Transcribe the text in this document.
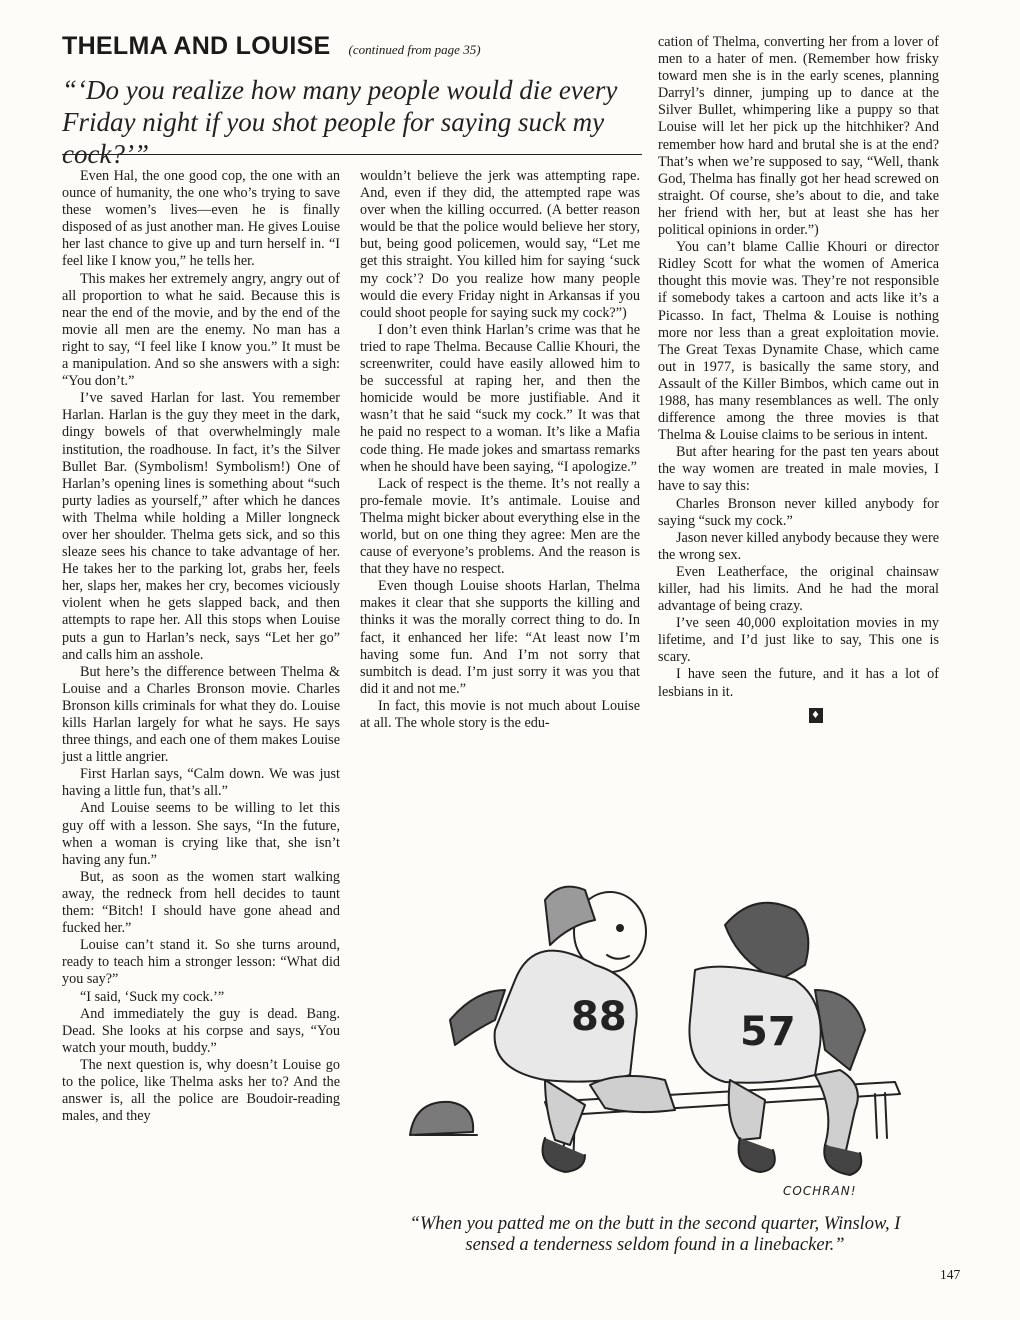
THELMA AND LOUISE (continued from page 35)
“‘Do you realize how many people would die every Friday night if you shot people for saying suck my cock?’”

Even Hal, the one good cop, the one with an ounce of humanity, the one who’s trying to save these women’s lives—even he is finally disposed of as just another man. He gives Louise her last chance to give up and turn herself in. “I feel like I know you,” he tells her.

This makes her extremely angry, angry out of all proportion to what he said. Because this is near the end of the movie, and by the end of the movie all men are the enemy. No man has a right to say, “I feel like I know you.” It must be a manipulation. And so she answers with a sigh: “You don’t.”

I’ve saved Harlan for last. You remember Harlan. Harlan is the guy they meet in the dark, dingy bowels of that overwhelmingly male institution, the roadhouse. In fact, it’s the Silver Bullet Bar. (Symbolism! Symbolism!) One of Harlan’s opening lines is something about “such purty ladies as yourself,” after which he dances with Thelma while holding a Miller longneck over her shoulder. Thelma gets sick, and so this sleaze sees his chance to take advantage of her. He takes her to the parking lot, grabs her, feels her, slaps her, makes her cry, becomes viciously violent when he gets slapped back, and then attempts to rape her. All this stops when Louise puts a gun to Harlan’s neck, says “Let her go” and calls him an asshole.

But here’s the difference between Thelma & Louise and a Charles Bronson movie. Charles Bronson kills criminals for what they do. Louise kills Harlan largely for what he says. He says three things, and each one of them makes Louise just a little angrier.

First Harlan says, “Calm down. We was just having a little fun, that’s all.”

And Louise seems to be willing to let this guy off with a lesson. She says, “In the future, when a woman is crying like that, she isn’t having any fun.”

But, as soon as the women start walking away, the redneck from hell decides to taunt them: “Bitch! I should have gone ahead and fucked her.”

Louise can’t stand it. So she turns around, ready to teach him a stronger lesson: “What did you say?”

“I said, ‘Suck my cock.’”

And immediately the guy is dead. Bang. Dead. She looks at his corpse and says, “You watch your mouth, buddy.”

The next question is, why doesn’t Louise go to the police, like Thelma asks her to? And the answer is, all the police are Boudoir-reading males, and they

wouldn’t believe the jerk was attempting rape. And, even if they did, the attempted rape was over when the killing occurred. (A better reason would be that the police would believe her story, but, being good policemen, would say, “Let me get this straight. You killed him for saying ‘suck my cock’? Do you realize how many people would die every Friday night in Arkansas if you could shoot people for saying suck my cock?”)

I don’t even think Harlan’s crime was that he tried to rape Thelma. Because Callie Khouri, the screenwriter, could have easily allowed him to be successful at raping her, and then the homicide would be more justifiable. And it wasn’t that he said “suck my cock.” It was that he paid no respect to a woman. It’s like a Mafia code thing. He made jokes and smartass remarks when he should have been saying, “I apologize.”

Lack of respect is the theme. It’s not really a pro-female movie. It’s antimale. Louise and Thelma might bicker about everything else in the world, but on one thing they agree: Men are the cause of everyone’s problems. And the reason is that they have no respect.

Even though Louise shoots Harlan, Thelma makes it clear that she supports the killing and thinks it was the morally correct thing to do. In fact, it enhanced her life: “At least now I’m having some fun. And I’m not sorry that sumbitch is dead. I’m just sorry it was you that did it and not me.”

In fact, this movie is not much about Louise at all. The whole story is the edu-

cation of Thelma, converting her from a lover of men to a hater of men. (Remember how frisky toward men she is in the early scenes, planning Darryl’s dinner, jumping up to dance at the Silver Bullet, whimpering like a puppy so that Louise will let her pick up the hitchhiker? And remember how hard and brutal she is at the end? That’s when we’re supposed to say, “Well, thank God, Thelma has finally got her head screwed on straight. Of course, she’s about to die, and take her friend with her, but at least she has her political opinions in order.”)

You can’t blame Callie Khouri or director Ridley Scott for what the women of America thought this movie was. They’re not responsible if somebody takes a cartoon and acts like it’s a Picasso. In fact, Thelma & Louise is nothing more nor less than a great exploitation movie. The Great Texas Dynamite Chase, which came out in 1977, is basically the same story, and Assault of the Killer Bimbos, which came out in 1988, has many resemblances as well. The only difference among the three movies is that Thelma & Louise claims to be serious in intent.

But after hearing for the past ten years about the way women are treated in male movies, I have to say this:

Charles Bronson never killed anybody for saying “suck my cock.”

Jason never killed anybody because they were the wrong sex.

Even Leatherface, the original chainsaw killer, had his limits. And he had the moral advantage of being crazy.

I’ve seen 40,000 exploitation movies in my lifetime, and I’d just like to say, This one is scary.

I have seen the future, and it has a lot of lesbians in it.

♦
88	57
COCHRAN!
“When you patted me on the butt in the second quarter, Winslow, I sensed a tenderness seldom found in a linebacker.”
147
